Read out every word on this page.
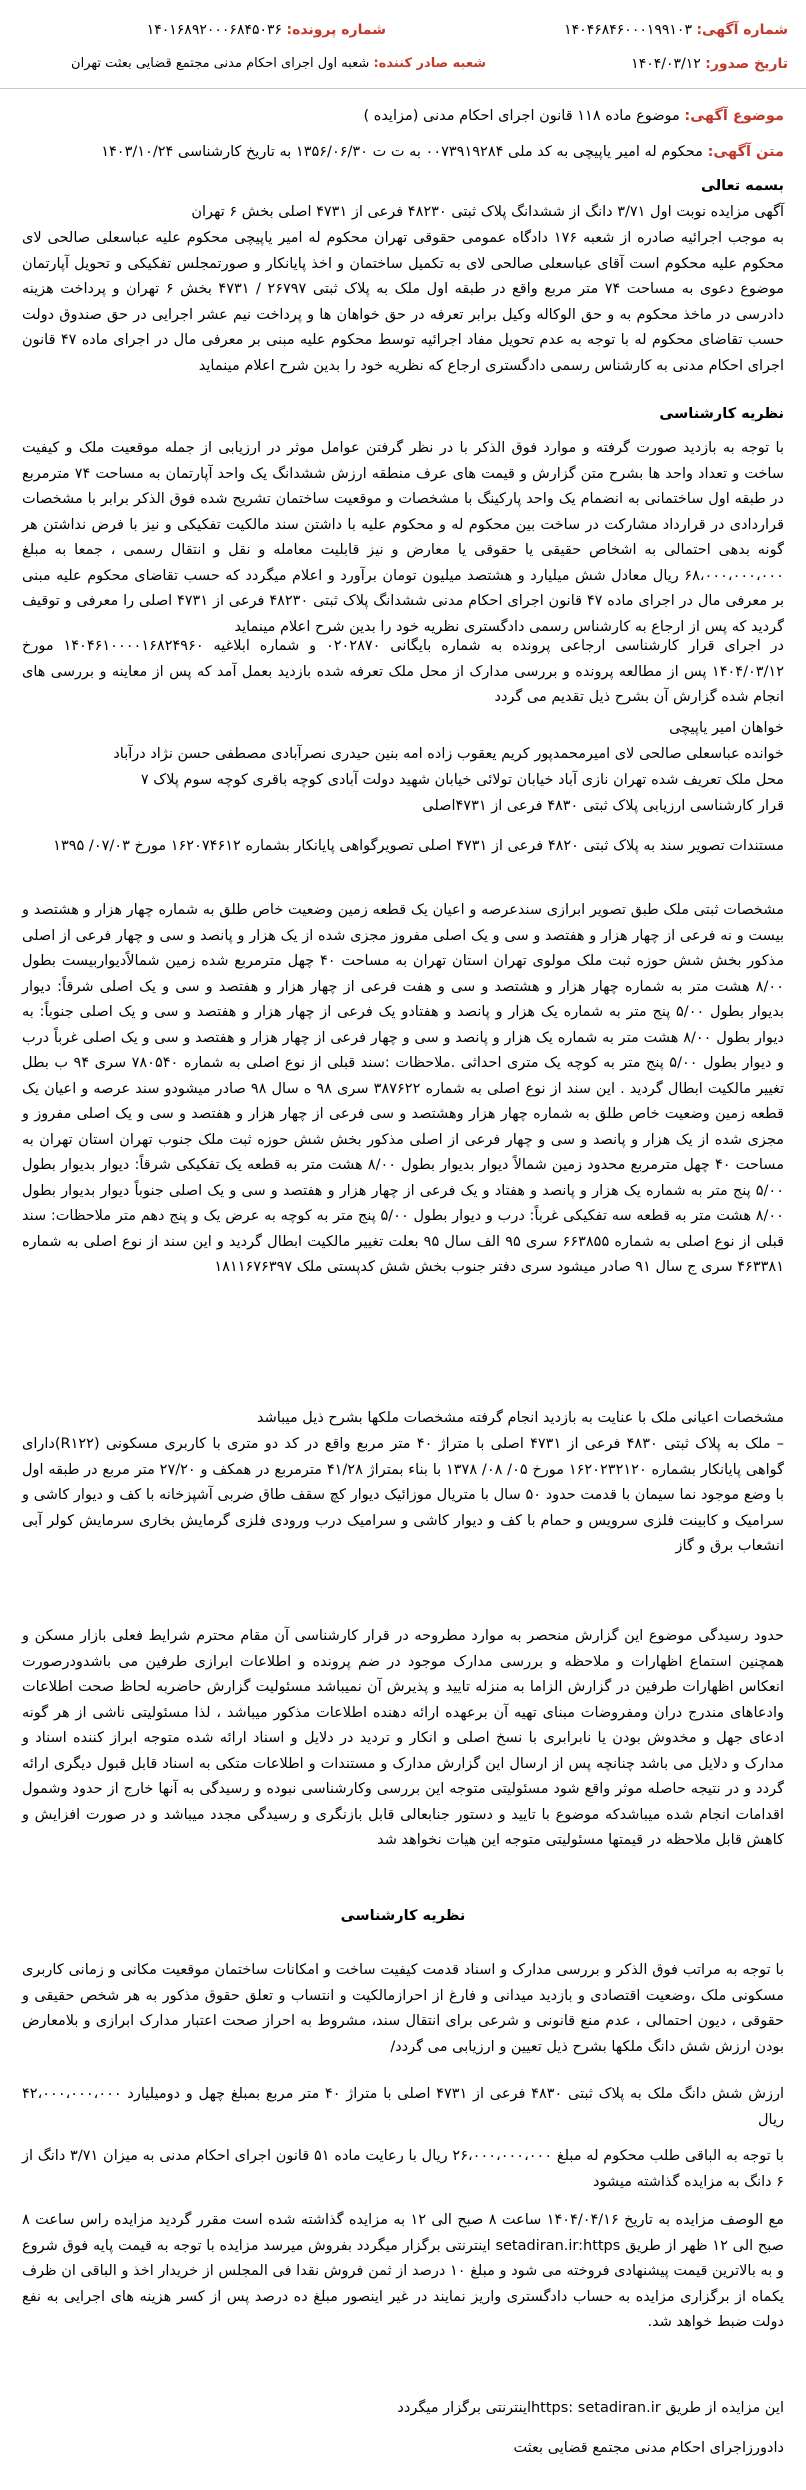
شماره آگهی: ۱۴۰۴۶۸۴۶۰۰۰۱۹۹۱۰۳
شماره پرونده: ۱۴۰۱۶۸۹۲۰۰۰۶۸۴۵۰۳۶
تاریخ صدور: ۱۴۰۴/۰۳/۱۲
شعبه صادر کننده: شعبه اول اجرای احکام مدنی مجتمع قضایی بعثت تهران
موضوع آگهی: موضوع ماده ۱۱۸ قانون اجرای احکام مدنی (مزایده )
متن آگهی: محکوم له امیر یاپیچی به کد ملی ۰۰۷۳۹۱۹۲۸۴ به ت ت ۱۳۵۶/۰۶/۳۰ به تاریخ کارشناسی ۱۴۰۳/۱۰/۲۴
بسمه تعالی
آگهی مزایده نوبت اول ۳/۷۱ دانگ از ششدانگ پلاک ثبتی ۴۸۲۳۰ فرعی از ۴۷۳۱ اصلی بخش ۶ تهران
به موجب اجرائیه صادره از شعبه ۱۷۶ دادگاه عمومی حقوقی تهران محکوم له امیر یاپیچی محکوم علیه عباسعلی صالحی لای محکوم علیه محکوم است آقای عباسعلی صالحی لای به تکمیل ساختمان و اخذ پایانکار و صورتمجلس تفکیکی و تحویل آپارتمان موضوع دعوی به مساحت ۷۴ متر مربع واقع در طبقه اول ملک به پلاک ثبتی ۲۶۷۹۷ / ۴۷۳۱ بخش ۶ تهران و پرداخت هزینه دادرسی در ماخذ محکوم به و حق الوکاله وکیل برابر تعرفه در حق خواهان ها و پرداخت نیم عشر اجرایی در حق صندوق دولت حسب تقاضای محکوم له با توجه به عدم تحویل مفاد اجرائیه توسط محکوم علیه مبنی بر معرفی مال در اجرای ماده ۴۷ قانون اجرای احکام مدنی به کارشناس رسمی دادگستری ارجاع که نظریه خود را بدین شرح اعلام مینماید
نظریه کارشناسی
با توجه به بازدید صورت گرفته و موارد فوق الذکر با در نظر گرفتن عوامل موثر در ارزیابی از جمله موقعیت ملک و کیفیت ساخت و تعداد واحد ها بشرح متن گزارش و قیمت های عرف منطقه ارزش ششدانگ یک واحد آپارتمان به مساحت ۷۴ مترمربع در طبقه اول ساختمانی به انضمام یک واحد پارکینگ با مشخصات و موقعیت ساختمان تشریح شده فوق الذکر برابر با مشخصات قراردادی در قرارداد مشارکت در ساخت بین محکوم له و محکوم علیه با داشتن سند مالکیت تفکیکی و نیز با فرض نداشتن هر گونه بدهی احتمالی به اشخاص حقیقی یا حقوقی یا معارض و نیز قابلیت معامله و نقل و انتقال رسمی ، جمعا به مبلغ ۶۸،۰۰۰،۰۰۰،۰۰۰ ریال معادل شش میلیارد و هشتصد میلیون تومان برآورد و اعلام میگردد که حسب تقاضای محکوم علیه مبنی بر معرفی مال در اجرای ماده ۴۷ قانون اجرای احکام مدنی ششدانگ پلاک ثبتی ۴۸۲۳۰ فرعی از ۴۷۳۱ اصلی را معرفی و توقیف گردید که پس از ارجاع به کارشناس رسمی دادگستری نظریه خود را بدین شرح اعلام مینماید
در اجرای قرار کارشناسی ارجاعی پرونده به شماره بایگانی ۰۲۰۲۸۷۰ و شماره ابلاغیه ۱۴۰۴۶۱۰۰۰۰۱۶۸۲۴۹۶۰ مورخ ۱۴۰۴/۰۳/۱۲ پس از مطالعه پرونده و بررسی مدارک از محل ملک تعرفه شده بازدید بعمل آمد که پس از معاینه و بررسی های انجام شده گزارش آن بشرح ذیل تقدیم می گردد
خواهان امیر یاپیچی
خوانده عباسعلی صالحی لای امیرمحمدپور کریم یعقوب زاده امه بنین حیدری نصرآبادی مصطفی حسن نژاد درآباد
محل ملک تعریف شده تهران نازی آباد خیابان تولائی خیابان شهید دولت آبادی کوچه باقری کوچه سوم پلاک ۷
قرار کارشناسی ارزیابی پلاک ثبتی ۴۸۳۰ فرعی از ۴۷۳۱اصلی
مستندات تصویر سند به پلاک ثبتی ۴۸۲۰ فرعی از ۴۷۳۱ اصلی تصویرگواهی پایانکار بشماره ۱۶۲۰۷۴۶۱۲ مورخ ۰۷/۰۳/ ۱۳۹۵
مشخصات ثبتی ملک طبق تصویر ابرازی سندعرصه و اعیان یک قطعه زمین وضعیت خاص طلق به شماره چهار هزار و هشتصد و بیست و نه فرعی از چهار هزار و هفتصد و سی و یک اصلی مفروز مجزی شده از یک هزار و پانصد و سی و چهار فرعی از اصلی مذکور بخش شش حوزه ثبت ملک مولوی تهران استان تهران به مساحت ۴۰ چهل مترمربع شده زمین شمالاًدیواربیست بطول ۸/۰۰ هشت متر به شماره چهار هزار و هشتصد و سی و هفت فرعی از چهار هزار و هفتصد و سی و یک اصلی شرقاً: دیوار بدیوار بطول ۵/۰۰ پنج متر به شماره یک هزار و پانصد و هفتادو یک فرعی از چهار هزار و هفتصد و سی و یک اصلی جنوباً: به دیوار بطول ۸/۰۰ هشت متر به شماره یک هزار و پانصد و سی و چهار فرعی از چهار هزار و هفتصد و سی و یک اصلی غرباً درب و دیوار بطول ۵/۰۰ پنج متر به کوچه یک متری احداثی .ملاحظات :سند قبلی از نوع اصلی به شماره ۷۸۰۵۴۰ سری ۹۴ ب بطل تغییر مالکیت ابطال گردید . این سند از نوع اصلی به شماره ۳۸۷۶۲۲ سری ۹۸ ه سال ۹۸ صادر میشودو سند عرصه و اعیان یک قطعه زمین وضعیت خاص طلق به شماره چهار هزار وهشتصد و سی فرعی از چهار هزار و هفتصد و سی و یک اصلی مفروز و مجزی شده از یک هزار و پانصد و سی و چهار فرعی از اصلی مذکور بخش شش حوزه ثبت ملک جنوب تهران استان تهران به مساحت ۴۰ چهل مترمربع محدود زمین شمالاً دیوار بدیوار بطول ۸/۰۰ هشت متر به قطعه یک تفکیکی شرقاً: دیوار بدیوار بطول ۵/۰۰ پنج متر به شماره یک هزار و پانصد و هفتاد و یک فرعی از چهار هزار و هفتصد و سی و یک اصلی جنوباً دیوار بدیوار بطول ۸/۰۰ هشت متر به قطعه سه تفکیکی غرباً: درب و دیوار بطول ۵/۰۰ پنج متر به کوچه به عرض یک و پنج دهم متر ملاحظات: سند قبلی از نوع اصلی به شماره ۶۶۳۸۵۵ سری ۹۵ الف سال ۹۵ بعلت تغییر مالکیت ابطال گردید و این سند از نوع اصلی به شماره ۴۶۳۳۸۱ سری ج سال ۹۱ صادر میشود سری دفتر جنوب بخش شش کدپستی ملک ۱۸۱۱۶۷۶۳۹۷
مشخصات اعیانی ملک با عنایت به بازدید انجام گرفته مشخصات ملکها بشرح ذیل میباشد
– ملک به پلاک ثبتی ۴۸۳۰ فرعی از ۴۷۳۱ اصلی با متراژ ۴۰ متر مربع واقع در کد دو متری با کاربری مسکونی (R۱۲۲)دارای گواهی پایانکار بشماره ۱۶۲۰۲۳۲۱۲۰ مورخ ۰۵/ ۰۸/ ۱۳۷۸ با بناء بمتراژ ۴۱/۲۸ مترمربع در همکف و ۲۷/۲۰ متر مربع در طبقه اول با وضع موجود نما سیمان با قدمت حدود ۵۰ سال با متریال موزائیک دیوار کچ سقف طاق ضربی آشپزخانه با کف و دیوار کاشی و سرامیک و کابینت فلزی سرویس و حمام با کف و دیوار کاشی و سرامیک درب ورودی فلزی گرمایش بخاری سرمایش کولر آبی انشعاب برق و گاز
حدود رسیدگی موضوع این گزارش منحصر به موارد مطروحه در قرار کارشناسی آن مقام محترم شرایط فعلی بازار مسکن و همچنین استماع اظهارات و ملاحظه و بررسی مدارک موجود در ضم پرونده و اطلاعات ابرازی طرفین می باشدودرصورت انعکاس اظهارات طرفین در گزارش الزاما به منزله تایید و پذیرش آن نمیباشد مسئولیت گزارش حاضربه لحاظ صحت اطلاعات وادعاهای مندرج دران ومفروضات مبنای تهیه آن برعهده ارائه دهنده اطلاعات مذکور میباشد ، لذا مسئولیتی ناشی از هر گونه ادعای جهل و مخدوش بودن یا نابرابری با نسخ اصلی و انکار و تردید در دلایل و اسناد ارائه شده متوجه ابراز کننده اسناد و مدارک و دلایل می باشد چنانچه پس از ارسال این گزارش مدارک و مستندات و اطلاعات متکی به اسناد قابل قبول دیگری ارائه گردد و در نتیجه حاصله موثر واقع شود مسئولیتی متوجه این بررسی وکارشناسی نبوده و رسیدگی به آنها خارج از حدود وشمول اقدامات انجام شده میباشدکه موضوع با تایید و دستور جنابعالی قابل بازنگری و رسیدگی مجدد میباشد و در صورت افزایش و کاهش قابل ملاحظه در قیمتها مسئولیتی متوجه این هیات نخواهد شد
نظریه کارشناسی
با توجه به مراتب فوق الذکر و بررسی مدارک و اسناد قدمت کیفیت ساخت و امکانات ساختمان موقعیت مکانی و زمانی کاربری مسکونی ملک ،وضعیت اقتصادی و بازدید میدانی و فارغ از احرازمالکیت و انتساب و تعلق حقوق مذکور به هر شخص حقیقی و حقوقی ، دیون احتمالی ، عدم منع قانونی و شرعی برای انتقال سند، مشروط به احراز صحت اعتبار مدارک ابرازی و بلامعارض بودن ارزش شش دانگ ملکها بشرح ذیل تعیین و ارزیابی می گردد/
ارزش شش دانگ ملک به پلاک ثبتی ۴۸۳۰ فرعی از ۴۷۳۱ اصلی با متراژ ۴۰ متر مربع بمبلغ چهل و دومیلیارد ۴۲،۰۰۰،۰۰۰،۰۰۰ ریال
با توجه به الباقی طلب محکوم له مبلغ ۲۶،۰۰۰،۰۰۰،۰۰۰ ریال با رعایت ماده ۵۱ قانون اجرای احکام مدنی به میزان ۳/۷۱ دانگ از ۶ دانگ به مزایده گذاشته میشود
مع الوصف مزایده به تاریخ ۱۴۰۴/۰۴/۱۶ ساعت ۸ صبح الی ۱۲ به مزایده گذاشته شده است مقرر گردید مزایده راس ساعت ۸ صبح الی ۱۲ ظهر از طریق setadiran.ir:https اینترنتی برگزار میگردد بفروش میرسد مزایده با توجه به قیمت پایه فوق شروع و به بالاترین قیمت پیشنهادی فروخته می شود و مبلغ ۱۰ درصد از ثمن فروش نقدا فی المجلس از خریدار اخذ و الباقی ان ظرف یکماه از برگزاری مزایده به حساب دادگستری واریز نمایند در غیر اینصور مبلغ ده درصد پس از کسر هزینه های اجرایی به نفع دولت ضبط خواهد شد.
این مزایده از طریق https: setadiran.irاینترنتی برگزار میگردد
دادورزاجرای احکام مدنی مجتمع قضایی بعثت
